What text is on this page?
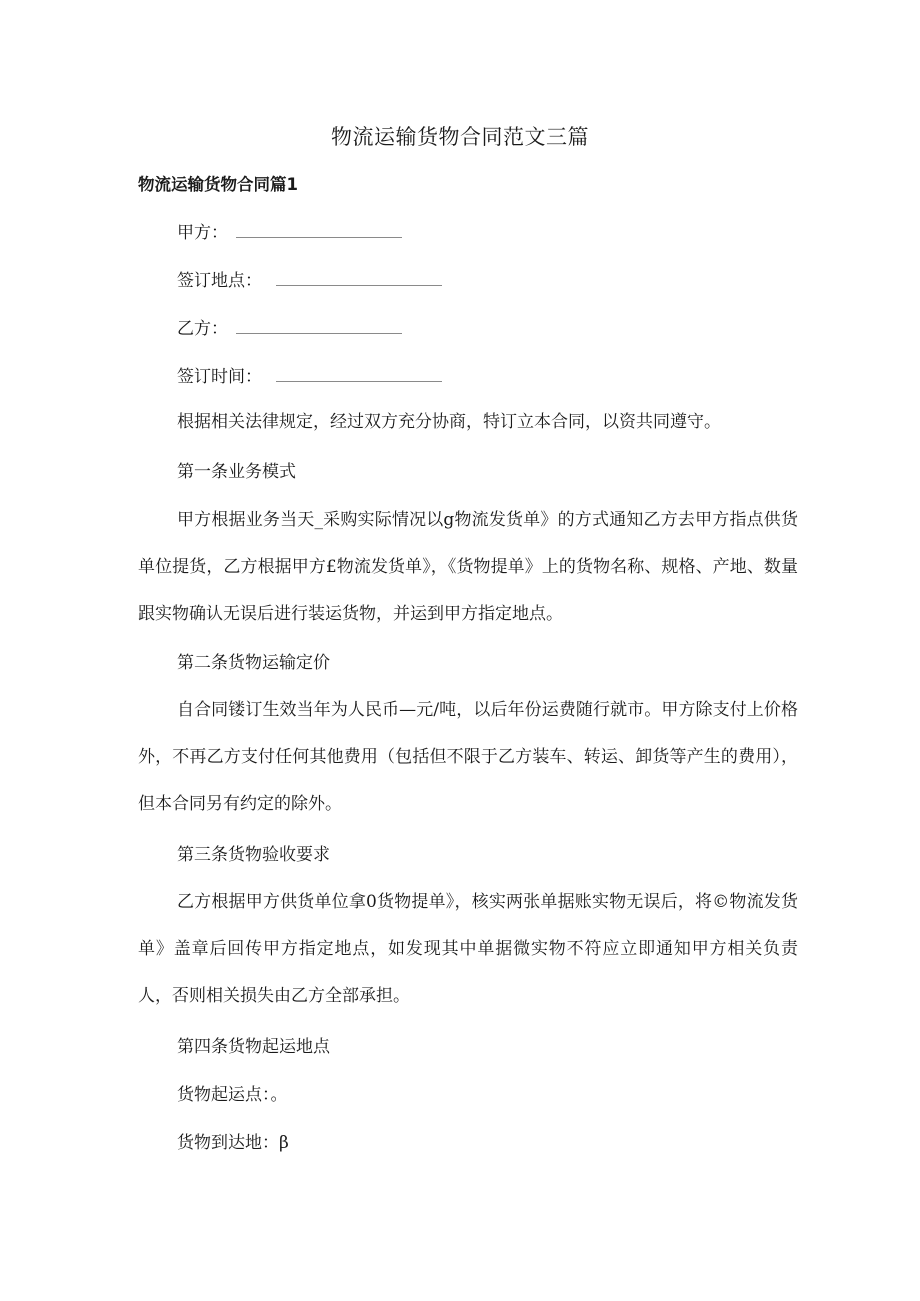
物流运输货物合同范文三篇
物流运输货物合同篇1
甲方：
签订地点：
乙方：
签订时间：
根据相关法律规定，经过双方充分协商，特订立本合同，以资共同遵守。
第一条业务模式
甲方根据业务当天_采购实际情况以g物流发货单》的方式通知乙方去甲方指点供货单位提货，乙方根据甲方£物流发货单》，《货物提单》上的货物名称、规格、产地、数量跟实物确认无误后进行装运货物，并运到甲方指定地点。
第二条货物运输定价
自合同镂订生效当年为人民币—元/吨，以后年份运费随行就市。甲方除支付上价格外，不再乙方支付任何其他费用（包括但不限于乙方装车、转运、卸货等产生的费用），但本合同另有约定的除外。
第三条货物验收要求
乙方根据甲方供货单位拿0货物提单》，核实两张单据账实物无误后，将©物流发货单》盖章后回传甲方指定地点，如发现其中单据微实物不符应立即通知甲方相关负责人，否则相关损失由乙方全部承担。
第四条货物起运地点
货物起运点：。
货物到达地：β
